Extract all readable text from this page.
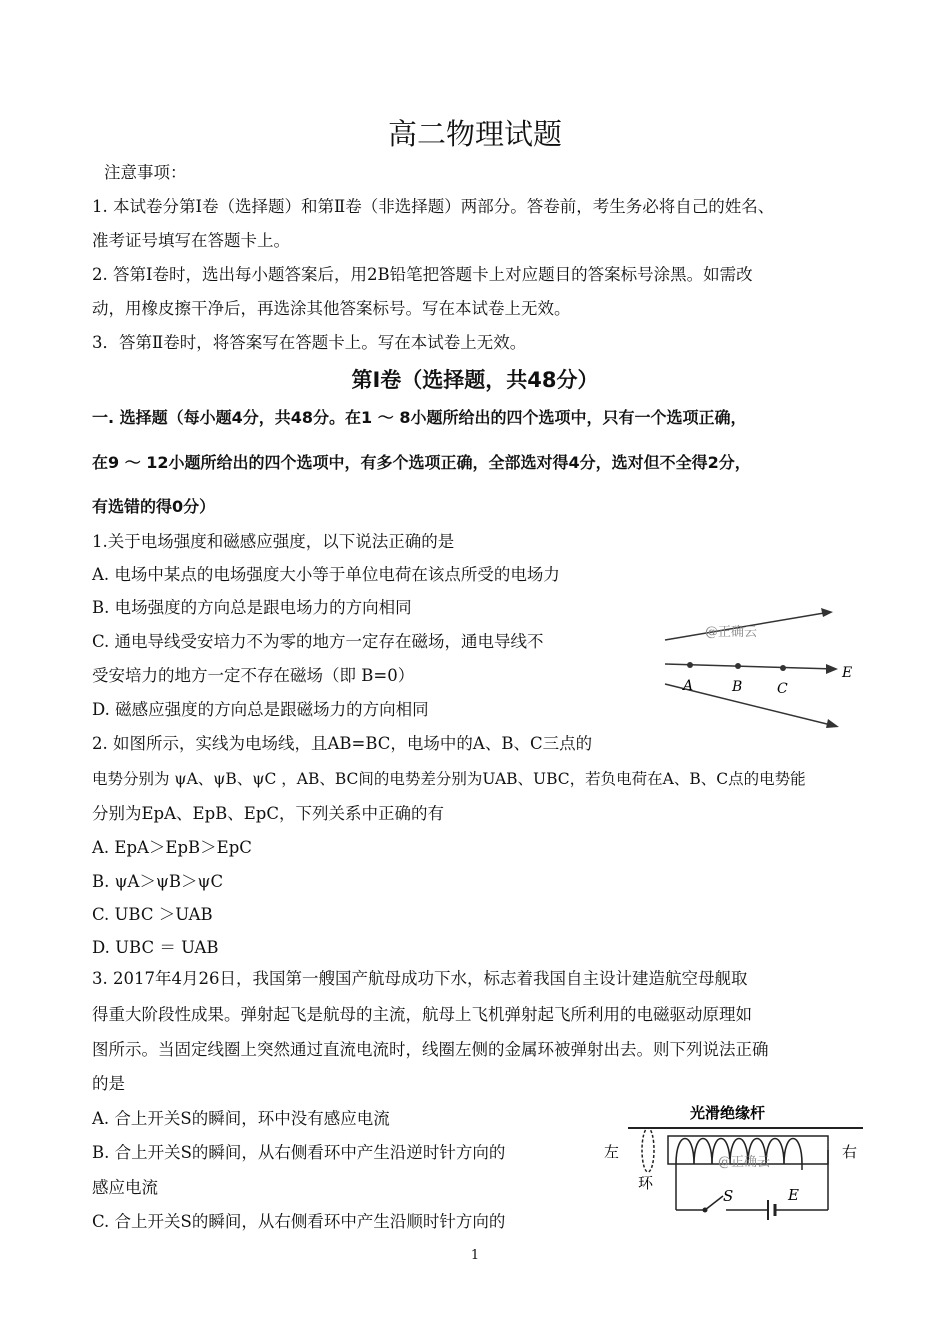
高二物理试题
注意事项：
1. 本试卷分第Ⅰ卷（选择题）和第Ⅱ卷（非选择题）两部分。答卷前，考生务必将自己的姓名、
准考证号填写在答题卡上。
2. 答第Ⅰ卷时，选出每小题答案后，用2B铅笔把答题卡上对应题目的答案标号涂黑。如需改
动，用橡皮擦干净后，再选涂其他答案标号。写在本试卷上无效。
3．答第Ⅱ卷时，将答案写在答题卡上。写在本试卷上无效。
第Ⅰ卷（选择题，共48分）
一. 选择题（每小题4分，共48分。在1 ～ 8小题所给出的四个选项中，只有一个选项正确，
在9 ～ 12小题所给出的四个选项中，有多个选项正确，全部选对得4分，选对但不全得2分，
有选错的得0分）
1.关于电场强度和磁感应强度，以下说法正确的是
A. 电场中某点的电场强度大小等于单位电荷在该点所受的电场力
B. 电场强度的方向总是跟电场力的方向相同
C. 通电导线受安培力不为零的地方一定存在磁场，通电导线不
受安培力的地方一定不存在磁场（即 B=0）
D. 磁感应强度的方向总是跟磁场力的方向相同
2. 如图所示，实线为电场线，且AB=BC，电场中的A、B、C三点的
电势分别为 ψA、ψB、ψC ，AB、BC间的电势差分别为UAB、UBC，若负电荷在A、B、C点的电势能
分别为EpA、EpB、EpC，下列关系中正确的有
A. EpA＞EpB＞EpC
B. ψA＞ψB＞ψC
C. UBC ＞UAB
D. UBC ＝ UAB
3. 2017年4月26日，我国第一艘国产航母成功下水，标志着我国自主设计建造航空母舰取
得重大阶段性成果。弹射起飞是航母的主流，航母上飞机弹射起飞所利用的电磁驱动原理如
图所示。当固定线圈上突然通过直流电流时，线圈左侧的金属环被弹射出去。则下列说法正确
的是
A. 合上开关S的瞬间，环中没有感应电流
B. 合上开关S的瞬间，从右侧看环中产生沿逆时针方向的
感应电流
C. 合上开关S的瞬间，从右侧看环中产生沿顺时针方向的
A	B C
E
@正确云
光滑绝缘杆
左	右
环
S	E
@正确云
1
